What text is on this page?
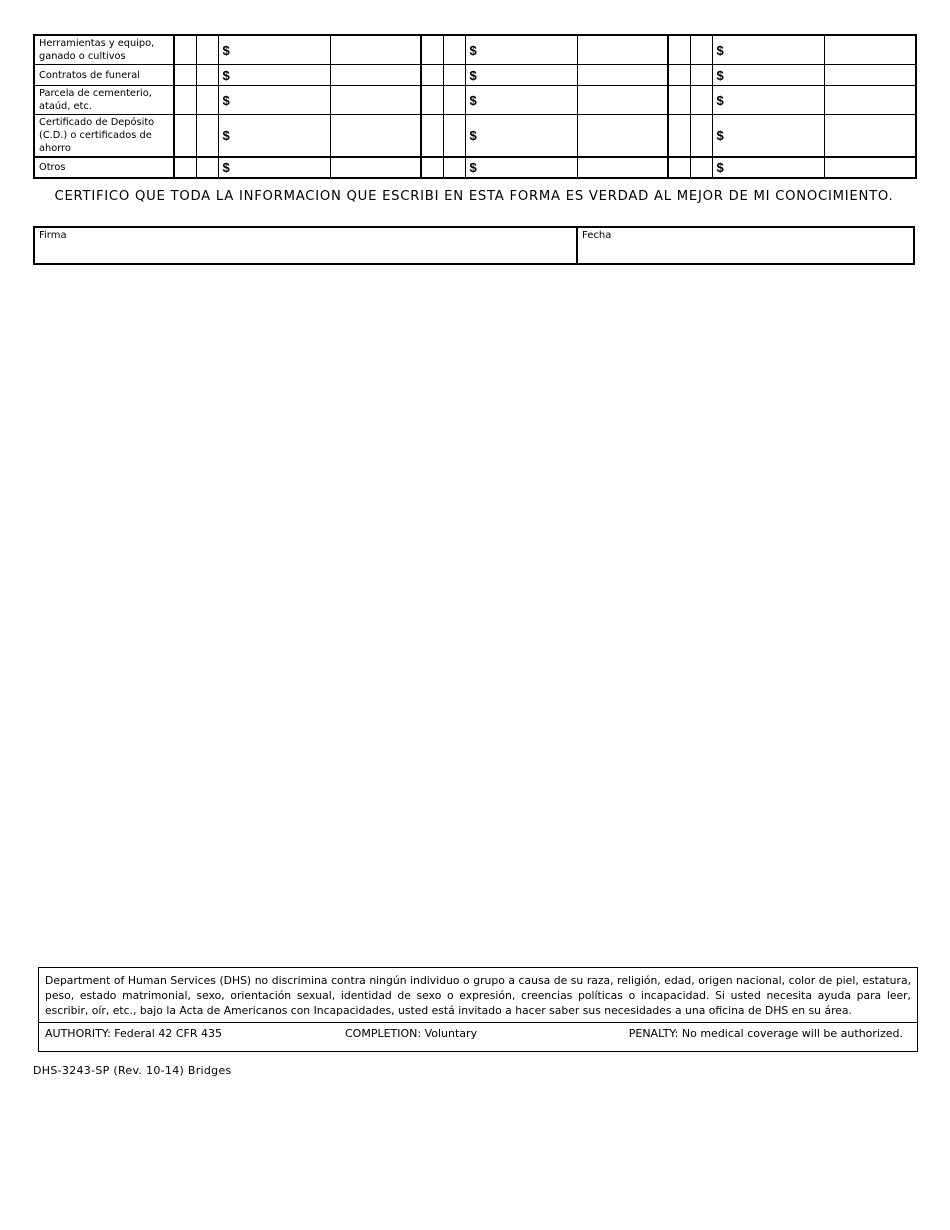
Herramientas y equipo, ganado o cultivos			$				$				$	
Contratos de funeral			$				$				$	
Parcela de cementerio, ataúd, etc.			$				$				$	
Certificado de Depósito (C.D.) o certificados de ahorro			$				$				$	
Otros			$				$				$	
CERTIFICO QUE TODA LA INFORMACION QUE ESCRIBI EN ESTA FORMA ES VERDAD AL MEJOR DE MI CONOCIMIENTO.
Firma	Fecha
Department of Human Services (DHS) no discrimina contra ningún individuo o grupo a causa de su raza, religión, edad, origen nacional, color de piel, estatura, peso, estado matrimonial, sexo, orientación sexual, identidad de sexo o expresión, creencias políticas o incapacidad. Si usted necesita ayuda para leer, escribir, oír, etc., bajo la Acta de Americanos con Incapacidades, usted está invitado a hacer saber sus necesidades a una oficina de DHS en su área.
AUTHORITY: Federal 42 CFR 435	COMPLETION: Voluntary	PENALTY: No medical coverage will be authorized.
DHS-3243-SP (Rev. 10-14) Bridges
